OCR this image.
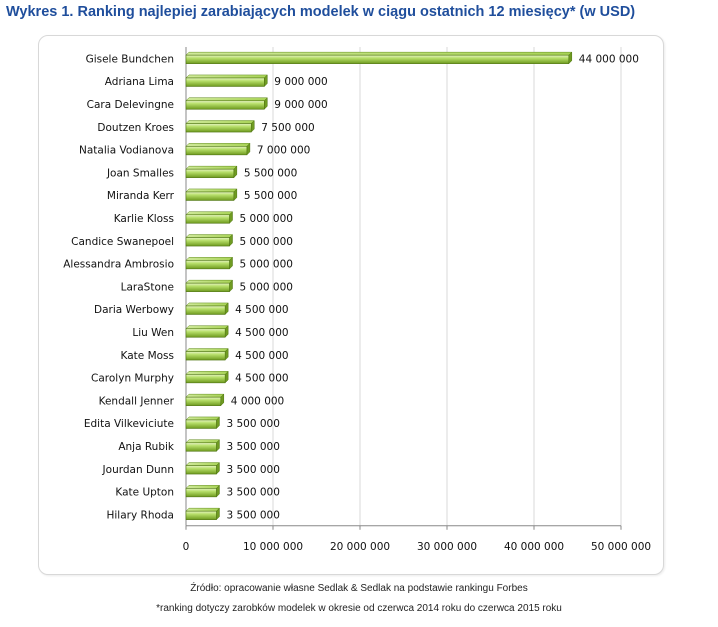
Wykres 1. Ranking najlepiej zarabiających modelek w ciągu ostatnich 12 miesięcy* (w USD)
0	10 000 000	20 000 000	30 000 000	40 000 000	50 000 000
Gisele Bundchen	44 000 000
Adriana Lima	9 000 000
Cara Delevingne	9 000 000
Doutzen Kroes	7 500 000
Natalia Vodianova	7 000 000
Joan Smalles	5 500 000
Miranda Kerr	5 500 000
Karlie Kloss	5 000 000
Candice Swanepoel	5 000 000
Alessandra Ambrosio	5 000 000
LaraStone	5 000 000
Daria Werbowy	4 500 000
Liu Wen	4 500 000
Kate Moss	4 500 000
Carolyn Murphy	4 500 000
Kendall Jenner	4 000 000
Edita Vilkeviciute	3 500 000
Anja Rubik	3 500 000
Jourdan Dunn	3 500 000
Kate Upton	3 500 000
Hilary Rhoda	3 500 000
Źródło: opracowanie własne Sedlak & Sedlak na podstawie rankingu Forbes
*ranking dotyczy zarobków modelek w okresie od czerwca 2014 roku do czerwca 2015 roku
